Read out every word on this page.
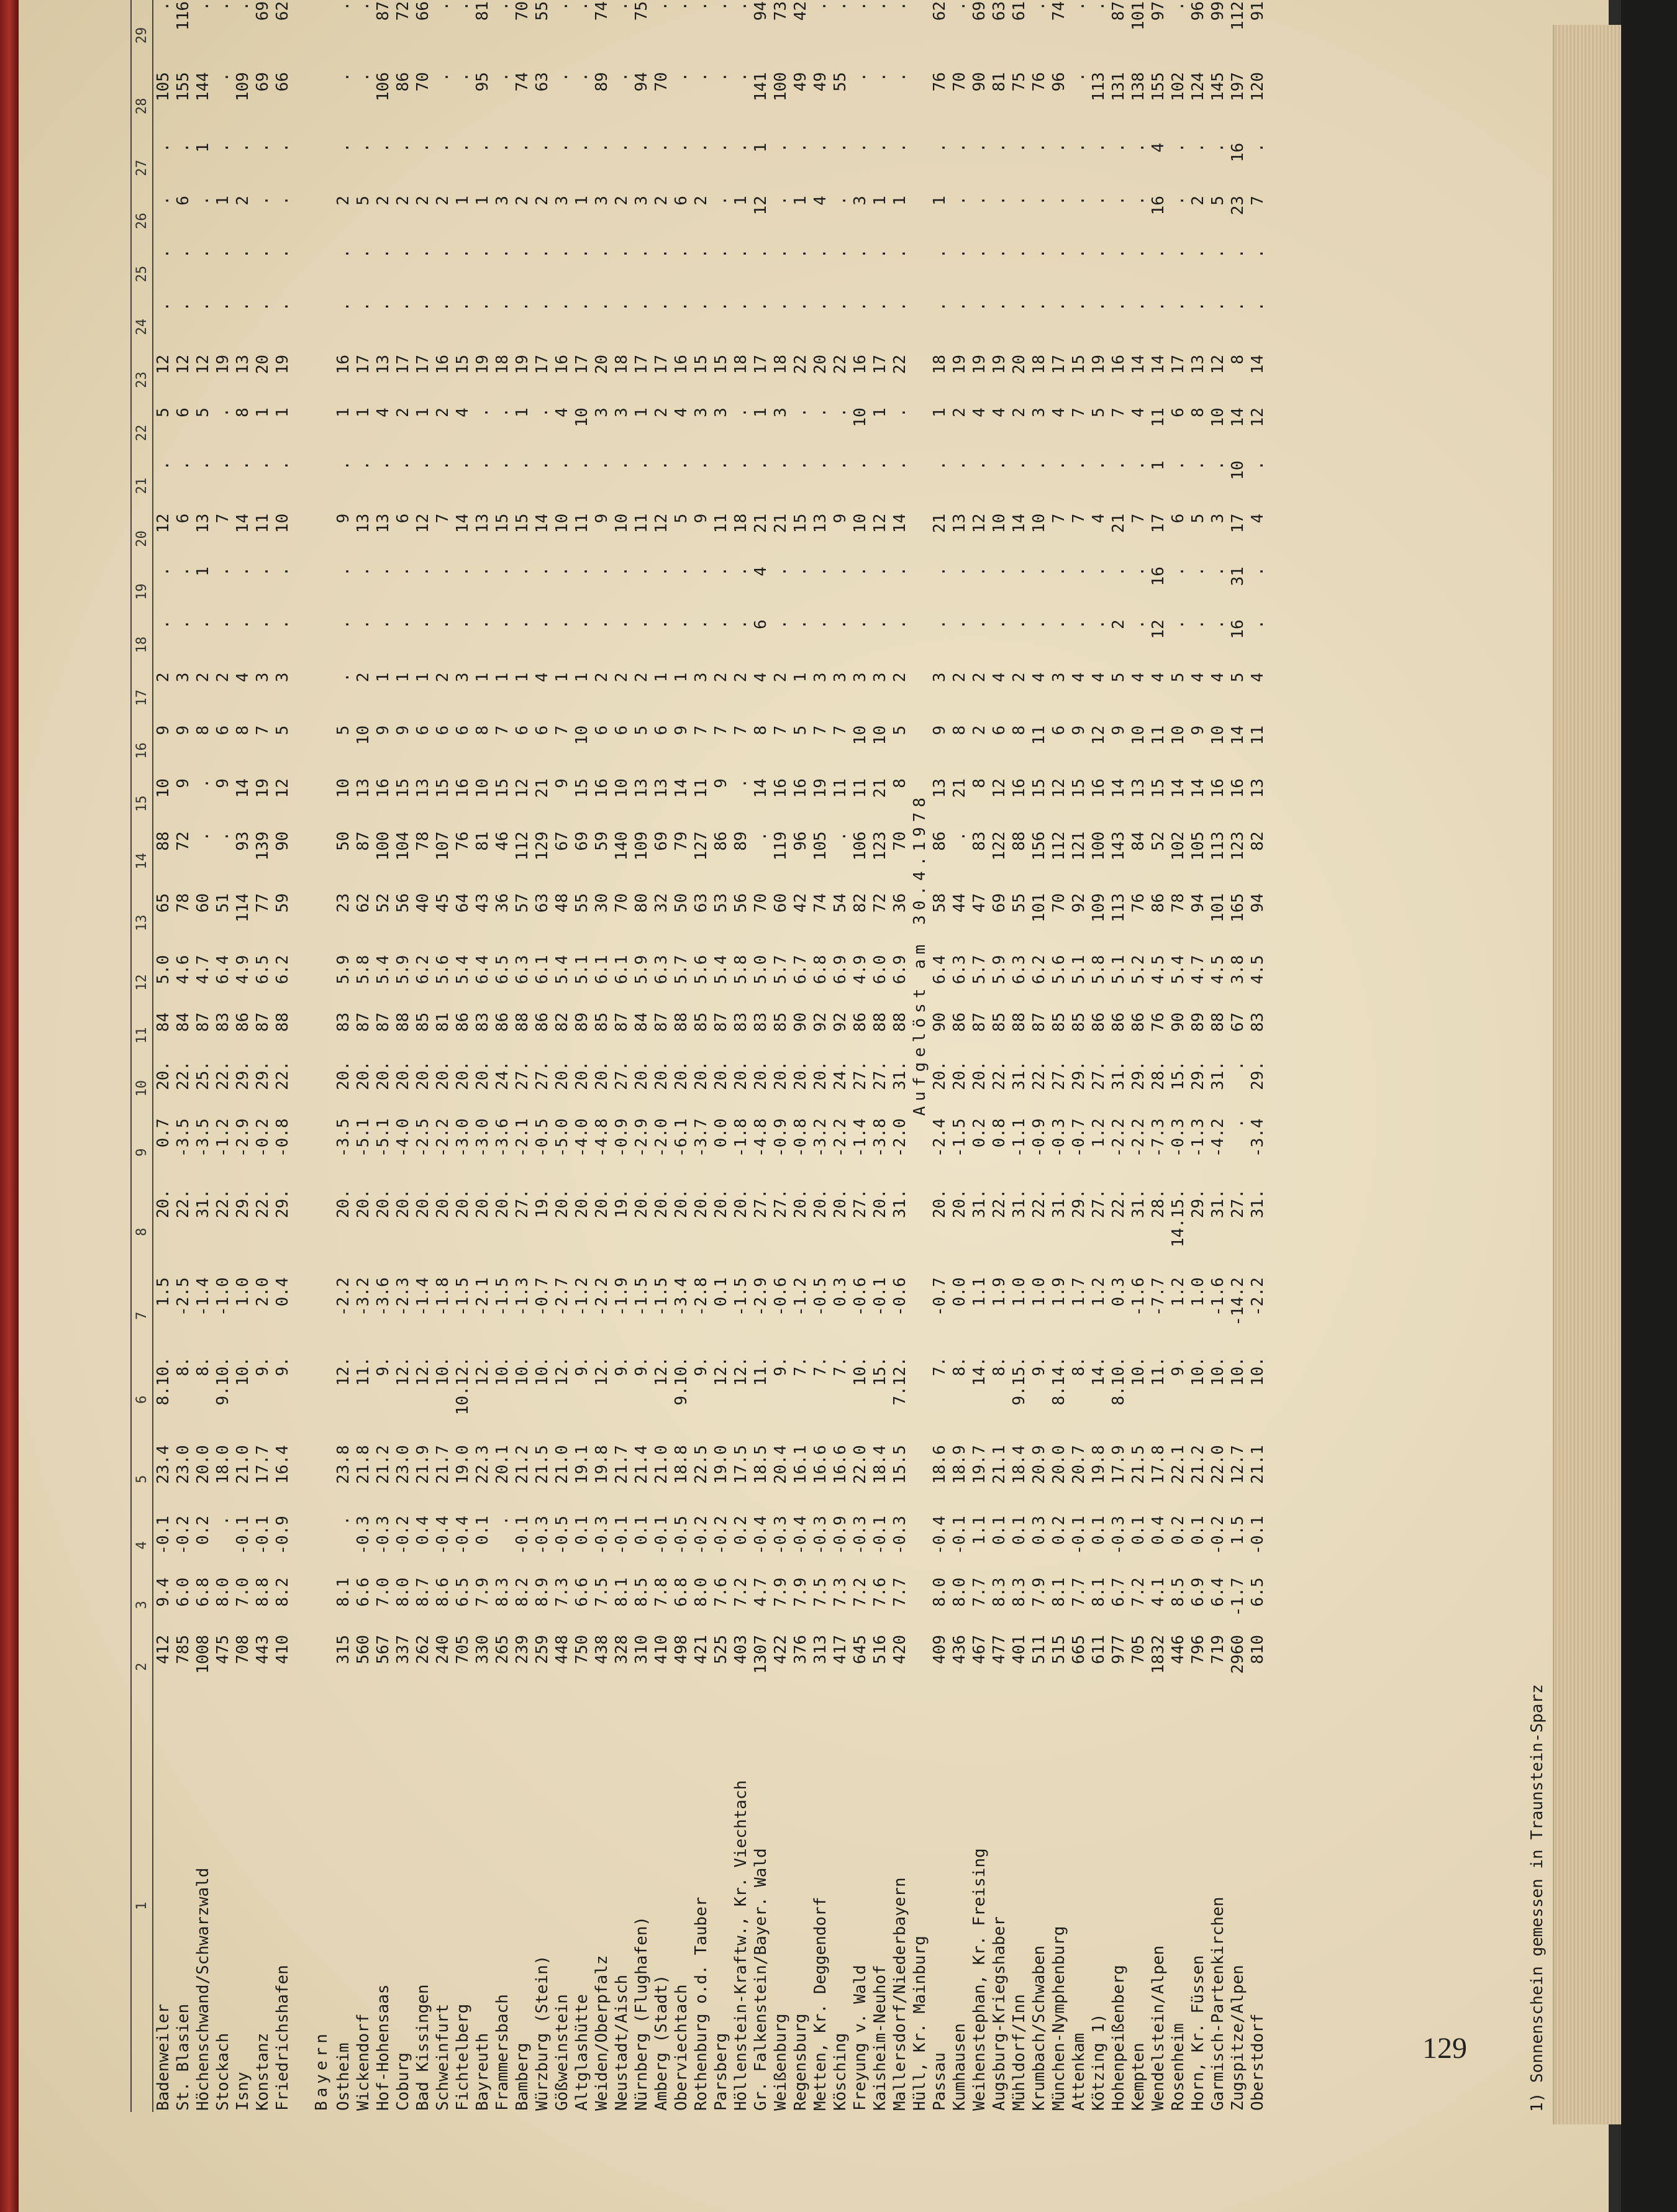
1	2	3	4	5	6	7	8	9	10	11	12	13	14	15	16	17	18	19	20	21	22	23	24	25	26	27	28	29
Badenweiler	412	9.4	-0.1	23.4	8.10.	1.5	20.	0.7	20.	84	5.0	65	88	10	9	2	.	.	12	.	5	12	.	.	.	.	105	.
St. Blasien	785	6.0	-0.2	23.0	8.	-2.5	22.	-3.5	22.	84	4.6	78	72	9	9	3	.	.	6	.	6	12	.	.	6	.	155	116
Höchenschwand/Schwarzwald	1008	6.8	0.2	20.0	8.	-1.4	31.	-3.5	25.	87	4.7	60	.	.	8	2	.	1	13	.	5	12	.	.	.	1	144	.
Stockach	475	8.0	.	18.0	9.10.	-1.0	22.	-1.2	22.	83	6.4	51	.	9	6	2	.	.	7	.	.	19	.	.	1	.	.	.
Isny	708	7.0	-0.1	21.0	10.	1.0	29.	-2.9	29.	86	4.9	114	93	14	8	4	.	.	14	.	8	13	.	.	2	.	109	.
Konstanz	443	8.8	-0.1	17.7	9.	2.0	22.	-0.2	29.	87	6.5	77	139	19	7	3	.	.	11	.	1	20	.	.	.	.	69	69
Friedrichshafen	410	8.2	-0.9	16.4	9.	0.4	29.	-0.8	22.	88	6.2	59	90	12	5	3	.	.	10	.	1	19	.	.	.	.	66	62

Bayern																												
Ostheim	315	8.1	.	23.8	12.	-2.2	20.	-3.5	20.	83	5.9	23	50	10	5	.	.	.	9	.	1	16	.	.	2	.	.	.
Wickendorf	560	6.6	-0.3	21.8	11.	-3.2	20.	-5.1	20.	87	5.8	62	87	13	10	2	.	.	13	.	1	17	.	.	5	.	.	.
Hof-Hohensaas	567	7.0	-0.3	21.2	9.	-3.6	20.	-5.1	20.	87	5.4	52	100	16	9	1	.	.	13	.	4	13	.	.	2	.	106	87
Coburg	337	8.0	-0.2	23.0	12.	-2.3	20.	-4.0	20.	88	5.9	56	104	15	9	1	.	.	6	.	2	17	.	.	2	.	86	72
Bad Kissingen	262	8.7	0.4	21.9	12.	-1.4	20.	-2.5	20.	85	6.2	40	78	13	6	1	.	.	12	.	1	17	.	.	2	.	70	66
Schweinfurt	240	8.6	-0.4	21.7	10.	-1.8	20.	-2.2	20.	81	5.6	45	107	15	6	2	.	.	7	.	2	16	.	.	2	.	.	.
Fichtelberg	705	6.5	-0.4	19.0	10.12.	-1.5	20.	-3.0	20.	86	5.4	64	76	16	6	3	.	.	14	.	4	15	.	.	1	.	.	.
Bayreuth	330	7.9	0.1	22.3	12.	-2.1	20.	-3.0	20.	83	6.4	43	81	10	8	1	.	.	13	.	.	19	.	.	1	.	95	81
Frammersbach	265	8.3	.	20.1	10.	-1.5	20.	-3.6	24.	86	6.5	36	46	15	7	1	.	.	15	.	.	18	.	.	3	.	.	.
Bamberg	239	8.2	-0.1	21.2	10.	-1.3	27.	-2.1	27.	88	6.3	57	112	12	6	1	.	.	15	.	1	19	.	.	2	.	74	70
Würzburg (Stein)	259	8.9	-0.3	21.5	10.	-0.7	19.	-0.5	27.	86	6.1	63	129	21	6	4	.	.	14	.	.	17	.	.	2	.	63	55
Gößweinstein	448	7.3	-0.5	21.0	12.	-2.7	20.	-5.0	20.	82	5.4	48	67	9	7	1	.	.	10	.	4	16	.	.	3	.	.	.
Altglashütte	750	6.6	0.1	19.1	9.	-1.2	20.	-4.0	20.	89	5.1	55	69	15	10	1	.	.	11	.	10	17	.	.	1	.	.	.
Weiden/Oberpfalz	438	7.5	-0.3	19.8	12.	-2.2	20.	-4.8	20.	85	6.1	30	59	16	6	2	.	.	9	.	3	20	.	.	3	.	89	74
Neustadt/Aisch	328	8.1	-0.1	21.7	9.	-1.9	19.	-0.9	27.	87	6.1	70	140	10	6	2	.	.	10	.	3	18	.	.	2	.	.	.
Nürnberg (Flughafen)	310	8.5	0.1	21.4	9.	-1.5	20.	-2.9	20.	84	5.9	80	109	13	5	2	.	.	11	.	1	17	.	.	3	.	94	75
Amberg (Stadt)	410	7.8	-0.1	21.0	12.	-1.5	20.	-2.0	20.	87	6.3	32	69	13	6	1	.	.	12	.	2	17	.	.	2	.	70	.
Oberviechtach	498	6.8	-0.5	18.8	9.10.	-3.4	20.	-6.1	20.	88	5.7	50	79	14	9	1	.	.	5	.	4	16	.	.	6	.	.	.
Rothenburg o.d. Tauber	421	8.0	-0.2	22.5	9.	-2.8	20.	-3.7	20.	85	5.6	63	127	11	7	3	.	.	9	.	3	15	.	.	2	.	.	.
Parsberg	525	7.6	-0.2	19.0	12.	0.1	20.	0.0	20.	87	5.4	53	86	9	7	2	.	.	11	.	3	15	.	.	.	.	.	.
Höllenstein-Kraftw., Kr. Viechtach	403	7.2	0.2	17.5	12.	-1.5	20.	-1.8	20.	83	5.8	56	89	.	7	2	.	.	18	.	.	18	.	.	1	.	.	.
Gr. Falkenstein/Bayer. Wald	1307	4.7	-0.4	18.5	11.	-2.9	27.	-4.8	20.	83	5.0	70	.	14	8	4	6	4	21	.	1	17	.	.	12	1	141	94
Weißenburg	422	7.9	-0.3	20.4	9.	-0.6	27.	-0.9	20.	85	5.7	60	119	16	7	2	.	.	21	.	3	18	.	.	.	.	100	73
Regensburg	376	7.9	-0.4	16.1	7.	-1.2	20.	-0.8	20.	90	6.7	42	96	16	5	1	.	.	15	.	.	22	.	.	1	.	49	42
Metten, Kr. Deggendorf	313	7.5	-0.3	16.6	7.	-0.5	20.	-3.2	20.	92	6.8	74	105	19	7	3	.	.	13	.	.	20	.	.	4	.	49	.
Kösching	417	7.3	-0.9	16.6	7.	0.3	20.	-2.2	24.	92	6.9	54	.	11	7	3	.	.	9	.	.	22	.	.	.	.	55	.
Freyung v. Wald	645	7.2	-0.3	22.0	10.	-0.6	27.	-1.4	27.	86	4.9	82	106	11	10	3	.	.	10	.	10	16	.	.	3	.	.	.
Kaisheim-Neuhof	516	7.6	-0.1	18.4	15.	-0.1	20.	-3.8	27.	88	6.0	72	123	21	10	3	.	.	12	.	1	17	.	.	1	.	.	.
Mallersdorf/Niederbayern	420	7.7	-0.3	15.5	7.12.	-0.6	31.	-2.0	31.	88	6.9	36	70	8	5	2	.	.	14	.	.	22	.	.	1	.	.	.
Hüll, Kr. Mainburg									Aufgelöst am 30.4.1978																			
Passau	409	8.0	-0.4	18.6	7.	-0.7	20.	-2.4	20.	90	6.4	58	86	13	9	3	.	.	21	.	1	18	.	.	1	.	76	62
Kumhausen	436	8.0	-0.1	18.9	8.	0.0	20.	-1.5	20.	86	6.3	44	.	21	8	2	.	.	13	.	2	19	.	.	.	.	70	.
Weihenstephan, Kr. Freising	467	7.7	1.1	19.7	14.	1.1	31.	0.2	20.	87	5.7	47	83	8	2	2	.	.	12	.	4	19	.	.	.	.	90	69
Augsburg-Kriegshaber	477	8.3	0.1	21.1	8.	1.9	22.	0.8	22.	85	5.9	69	122	12	6	4	.	.	10	.	4	19	.	.	.	.	81	63
Mühldorf/Inn	401	8.3	0.1	18.4	9.15.	1.0	31.	-1.1	31.	88	6.3	55	88	16	8	2	.	.	14	.	2	20	.	.	.	.	75	61
Krumbach/Schwaben	511	7.9	0.3	20.9	9.	1.0	22.	-0.9	22.	87	6.2	101	156	15	11	4	.	.	10	.	3	18	.	.	.	.	76	.
München-Nymphenburg	515	8.1	0.2	20.0	8.14.	1.9	31.	-0.3	27.	85	5.6	70	112	12	6	3	.	.	7	.	4	17	.	.	.	.	96	74
Attenkam	665	7.7	-0.1	20.7	8.	1.7	29.	-0.7	29.	85	5.1	92	121	15	9	4	.	.	7	.	7	15	.	.	.	.	.	.
Kötzing 1)	611	8.1	0.1	19.8	14.	1.2	27.	1.2	27.	86	5.8	109	100	16	12	4	.	.	4	.	5	19	.	.	.	.	113	.
Hohenpeißenberg	977	6.7	-0.3	17.9	8.10.	0.3	22.	-2.2	31.	86	5.1	113	143	14	9	5	2	.	21	.	7	16	.	.	.	.	131	87
Kempten	705	7.2	0.1	21.5	10.	-1.6	31.	-2.2	29.	86	5.2	76	84	13	10	4	.	.	7	.	4	14	.	.	.	.	138	101
Wendelstein/Alpen	1832	4.1	0.4	17.8	11.	-7.7	28.	-7.3	28.	76	4.5	86	52	15	11	4	12	16	17	1	11	14	.	.	16	4	155	97
Rosenheim	446	8.5	0.2	22.1	9.	1.2	14.15.	-0.3	15.	90	5.4	78	102	14	10	5	.	.	6	.	6	17	.	.	.	.	102	.
Horn, Kr. Füssen	796	6.9	0.1	21.2	10.	1.0	29.	-1.3	29.	89	4.7	94	105	14	9	4	.	.	5	.	8	13	.	.	2	.	124	96
Garmisch-Partenkirchen	719	6.4	-0.2	22.0	10.	-1.6	31.	-4.2	31.	88	4.5	101	113	16	10	4	.	.	3	.	10	12	.	.	5	.	145	99
Zugspitze/Alpen	2960	-1.7	1.5	12.7	10.	-14.2	27.	.	.	67	3.8	165	123	16	14	5	16	31	17	10	14	8	.	.	23	16	197	112
Oberstdorf	810	6.5	-0.1	21.1	10.	-2.2	31.	-3.4	29.	83	4.5	94	82	13	11	4	.	.	4	.	12	14	.	.	7	.	120	91
1) Sonnenschein gemessen in Traunstein-Sparz
129
